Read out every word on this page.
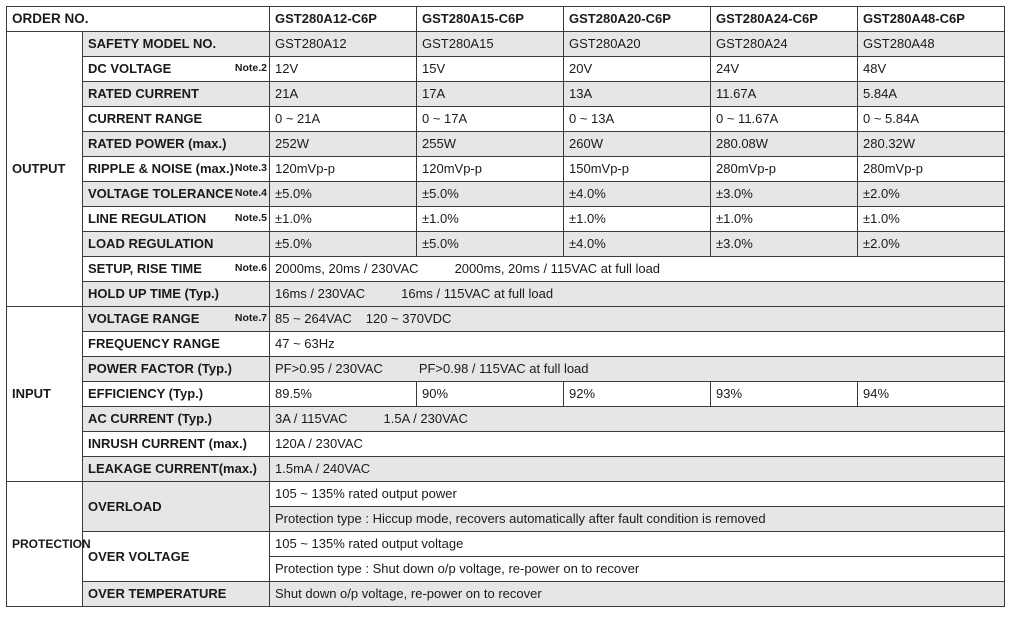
ORDER NO.		GST280A12-C6P	GST280A15-C6P	GST280A20-C6P	GST280A24-C6P	GST280A48-C6P
OUTPUT	SAFETY MODEL NO.	GST280A12	GST280A15	GST280A20	GST280A24	GST280A48
	DC VOLTAGE Note.2	12V	15V	20V	24V	48V
	RATED CURRENT	21A	17A	13A	11.67A	5.84A
	CURRENT RANGE	0 ~ 21A	0 ~ 17A	0 ~ 13A	0 ~ 11.67A	0 ~ 5.84A
	RATED POWER (max.)	252W	255W	260W	280.08W	280.32W
	RIPPLE & NOISE (max.) Note.3	120mVp-p	120mVp-p	150mVp-p	280mVp-p	280mVp-p
	VOLTAGE TOLERANCE Note.4	±5.0%	±5.0%	±4.0%	±3.0%	±2.0%
	LINE REGULATION Note.5	±1.0%	±1.0%	±1.0%	±1.0%	±1.0%
	LOAD REGULATION	±5.0%	±5.0%	±4.0%	±3.0%	±2.0%
	SETUP, RISE TIME Note.6	2000ms, 20ms / 230VAC 2000ms, 20ms / 115VAC at full load				
	HOLD UP TIME (Typ.)	16ms / 230VAC 16ms / 115VAC at full load				
INPUT	VOLTAGE RANGE Note.7	85 ~ 264VAC 120 ~ 370VDC				
	FREQUENCY RANGE	47 ~ 63Hz				
	POWER FACTOR (Typ.)	PF>0.95 / 230VAC PF>0.98 / 115VAC at full load				
	EFFICIENCY (Typ.)	89.5%	90%	92%	93%	94%
	AC CURRENT (Typ.)	3A / 115VAC 1.5A / 230VAC				
	INRUSH CURRENT (max.)	120A / 230VAC				
	LEAKAGE CURRENT(max.)	1.5mA / 240VAC				
PROTECTION	OVERLOAD	105 ~ 135% rated output power				
		Protection type : Hiccup mode, recovers automatically after fault condition is removed				
	OVER VOLTAGE	105 ~ 135% rated output voltage				
		Protection type : Shut down o/p voltage, re-power on to recover				
	OVER TEMPERATURE	Shut down o/p voltage, re-power on to recover				
